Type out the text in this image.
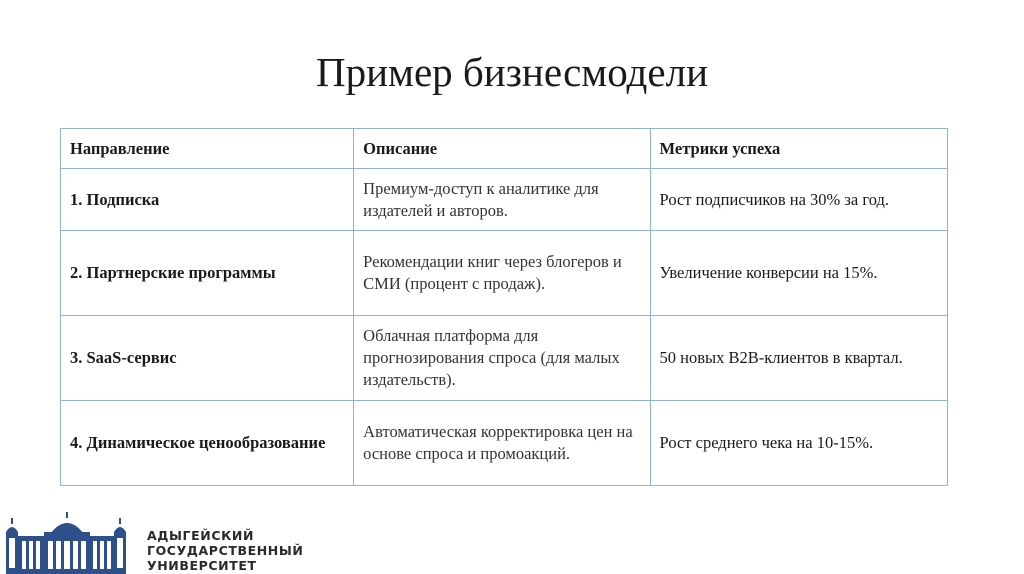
Пример бизнесмодели
Направление	Описание	Метрики успеха
1. Подписка	Премиум-доступ к аналитике для издателей и авторов.	Рост подписчиков на 30% за год.
2. Партнерские программы	Рекомендации книг через блогеров и СМИ (процент с продаж).	Увеличение конверсии на 15%.
3. SaaS-сервис	Облачная платформа для прогнозирования спроса (для малых издательств).	50 новых B2B-клиентов в квартал.
4. Динамическое ценообразование	Автоматическая корректировка цен на основе спроса и промоакций.	Рост среднего чека на 10-15%.
АДЫГЕЙСКИЙ
ГОСУДАРСТВЕННЫЙ
УНИВЕРСИТЕТ
